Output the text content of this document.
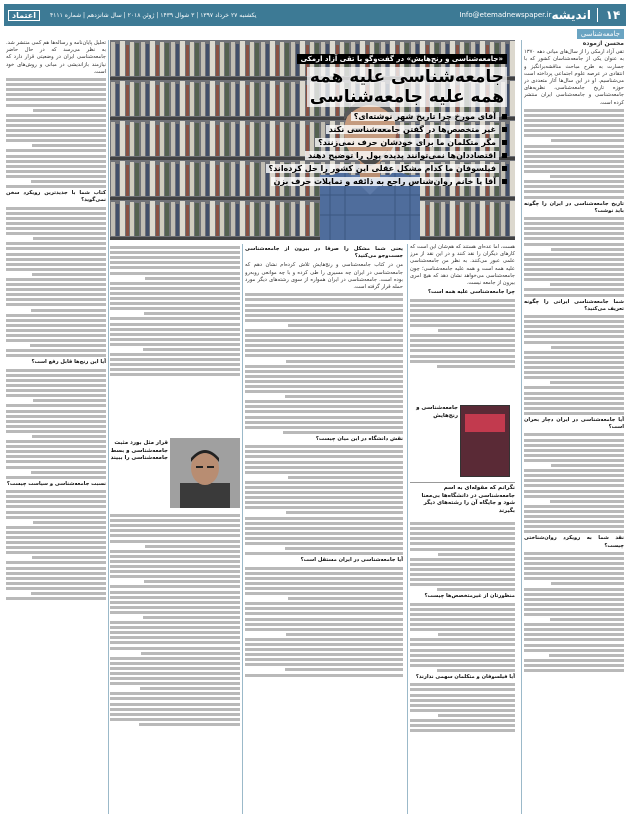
۱۴
اندیشه
Info@etemadnewspaper.ir
یکشنبه ۲۷ خرداد ۱۳۹۷ | ۳ شوال ۱۴۳۹ | ژوئن ۲۰۱۸ | سال شانزدهم | شماره ۴۱۱۱
اعتماد
جامعه‌شناسی
محسن آزموده

تقی آزاد ارمکی را از سال‌های میانی دهه ۱۳۷۰ به عنوان یکی از جامعه‌شناسان کشور که با جسارت به طرح مباحث مناقشه‌برانگیز و انتقادی در عرصه علوم اجتماعی پرداخته است می‌شناسیم. او در این سال‌ها آثار متعددی در حوزه تاریخ جامعه‌شناسی، نظریه‌های جامعه‌شناسی و جامعه‌شناسی ایران منتشر کرده است.

تاریخ جامعه‌شناسی در ایران را چگونه باید نوشت؟
شما جامعه‌شناسی ایرانی را چگونه تعریف می‌کنید؟
آیا جامعه‌شناسی در ایران دچار بحران است؟
نقد شما به رویکرد روان‌شناختی چیست؟
«جامعه‌شناسی و رنج‌هایش» در گفت‌وگو با تقی آزاد ارمکی
جامعه‌شناسی علیه همه
همه علیه جامعه‌شناسی
آقای مورخ چرا تاریخ شهر نوشته‌ای؟
غیر متخصص‌ها در گفتن جامعه‌شناسی نکند
مگر متکلمان ما برای خودشان حرف نمی‌زنند؟
اقتصاددان‌ها نمی‌توانند پدیده پول را توضیح دهند
فیلسوفان ما کدام مشکل عقلی این کشور را حل کرده‌اند؟
آقا یا خانم روان‌شناس راجع به ذائقه و تمایلات حرف بزن

تحلیل پایان‌نامه و رساله‌ها هم کمی منتشر شد. به نظر می‌رسد که در حال حاضر جامعه‌شناسی ایران در وضعیتی قرار دارد که نیازمند بازاندیشی در مبانی و روش‌های خود است.

کتاب شما با جدیدترین رویکرد سخن نمی‌گوید؟
آیا این رنج‌ها قابل رفع است؟
نسبت جامعه‌شناسی و سیاست چیست؟

هست، اما عده‌ای هستند که هم‌شان این است که کارهای دیگران را نقد کنند و در این نقد از مرز علمی عبور می‌کنند. به نظر من جامعه‌شناسی علیه همه است و همه علیه جامعه‌شناسی؛ چون جامعه‌شناسی می‌خواهد نشان دهد که هیچ امری بیرون از جامعه نیست.

چرا جامعه‌شناسی علیه همه است؟
جامعه‌شناسی و رنج‌هایش
نگرانم که مقوله‌ای به اسم جامعه‌شناسی در دانشگاه‌ها بی‌معنا شود و جایگاه آن را رشته‌های دیگر بگیرند
منظورتان از غیرمتخصص‌ها چیست؟
آیا فیلسوفان و متکلمان سهمی ندارند؟
یعنی شما مشکل را صرفا در بیرون از جامعه‌شناسی جست‌وجو می‌کنید؟

من در کتاب جامعه‌شناسی و رنج‌هایش تلاش کرده‌ام نشان دهم که جامعه‌شناسی در ایران چه مسیری را طی کرده و با چه موانعی روبه‌رو بوده است. جامعه‌شناسی در ایران همواره از سوی رشته‌های دیگر مورد حمله قرار گرفته است.

نقش دانشگاه در این میان چیست؟
آیا جامعه‌شناسی در ایران مستقل است؟
قرار مثل بورد مثبت جامعه‌شناسی و بسط جامعه‌شناسی را ببیند
